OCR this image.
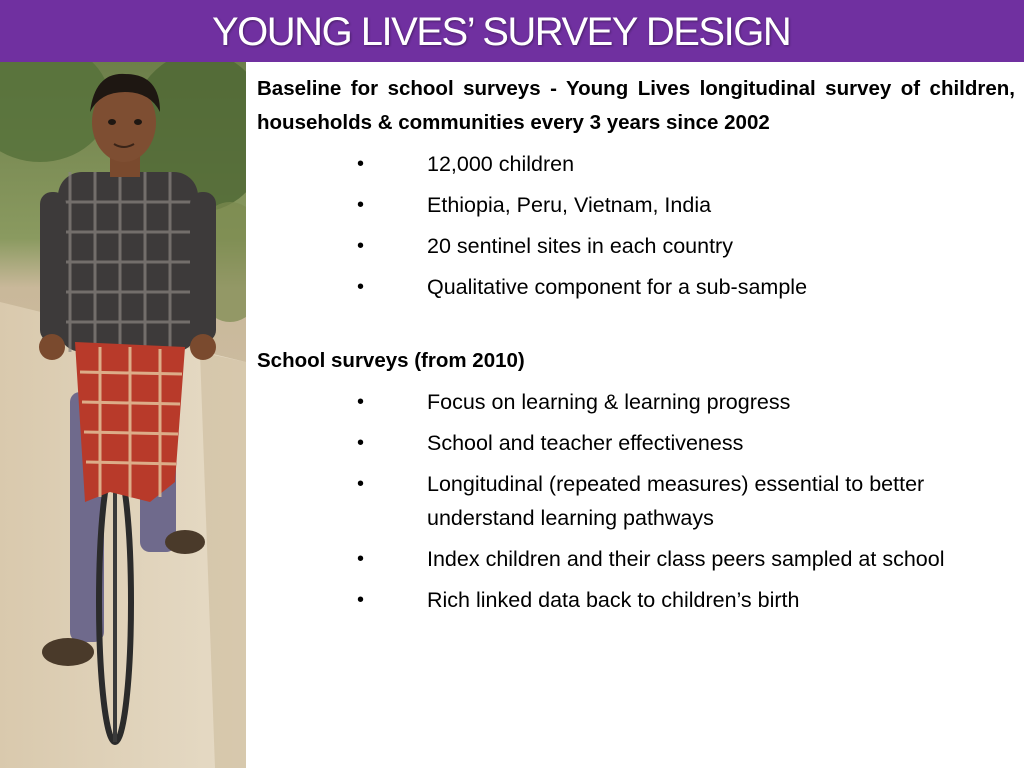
YOUNG LIVES’ SURVEY DESIGN
Baseline for school surveys - Young Lives longitudinal survey of children, households & communities every 3 years since 2002
•	12,000 children
•	Ethiopia, Peru, Vietnam, India
•	20 sentinel sites in each country
•	Qualitative component for a sub-sample
School surveys (from 2010)
•	Focus on learning & learning progress
•	School and teacher effectiveness
•	Longitudinal (repeated measures) essential to better understand learning pathways
•	Index children and their class peers sampled at school
•	Rich linked data back to children’s birth
